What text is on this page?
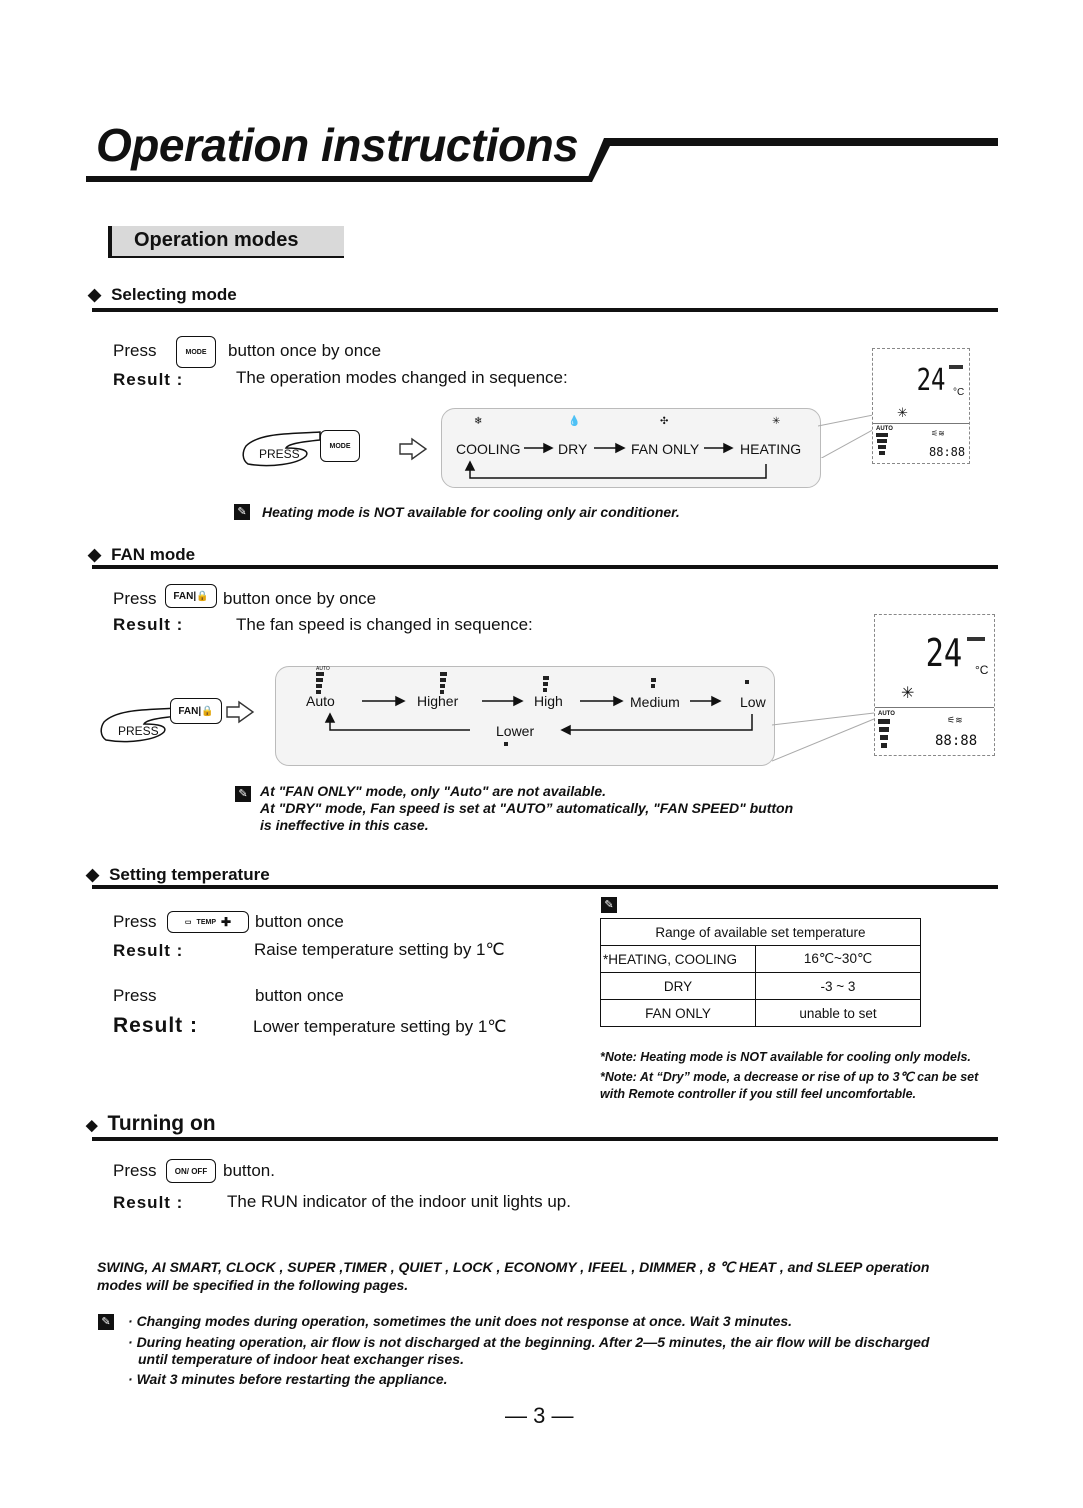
Operation instructions
Operation modes
◆ Selecting mode
Press	MODE	button once by once
Result :	The operation modes changed in sequence:
PRESS
MODE
❄	💧	✣	✳
COOLING	DRY	FAN ONLY	HEATING
24 °C
✳
AUTO	⚟≋
88:88
✎ Heating mode is NOT available for cooling only air conditioner.
◆ FAN mode
Press	FAN|🔒 button once by once
Result :	The fan speed is changed in sequence:
PRESS
FAN|🔒
AUTO
Auto	Higher	High	Medium	Low
Lower
24 °C
✳
AUTO
⚟≋
88:88
✎ At "FAN ONLY" mode, only "Auto" are not available.
At "DRY" mode, Fan speed is set at "AUTO” automatically, "FAN SPEED" button
is ineffective in this case.
◆ Setting temperature
Press	▭ TEMP ✚ button once
Result :	Raise temperature setting by 1℃
Press	button once
Result :	Lower temperature setting by 1℃
✎
Range of available set temperature	
*HEATING, COOLING	16℃~30℃
DRY	-3 ~ 3
FAN ONLY	unable to set
*Note: Heating mode is NOT available for cooling only models.
*Note: At “Dry” mode, a decrease or rise of up to 3℃ can be set
with Remote controller if you still feel uncomfortable.
◆ Turning on
Press	ON/ OFF button.
Result :	The RUN indicator of the indoor unit lights up.
SWING, AI SMART, CLOCK , SUPER ,TIMER , QUIET , LOCK , ECONOMY , IFEEL , DIMMER , 8 ℃ HEAT , and SLEEP operation
modes will be specified in the following pages.
✎ · Changing modes during operation, sometimes the unit does not response at once. Wait 3 minutes.
· During heating operation, air flow is not discharged at the beginning. After 2—5 minutes, the air flow will be discharged
until temperature of indoor heat exchanger rises.
· Wait 3 minutes before restarting the appliance.
— 3 —
